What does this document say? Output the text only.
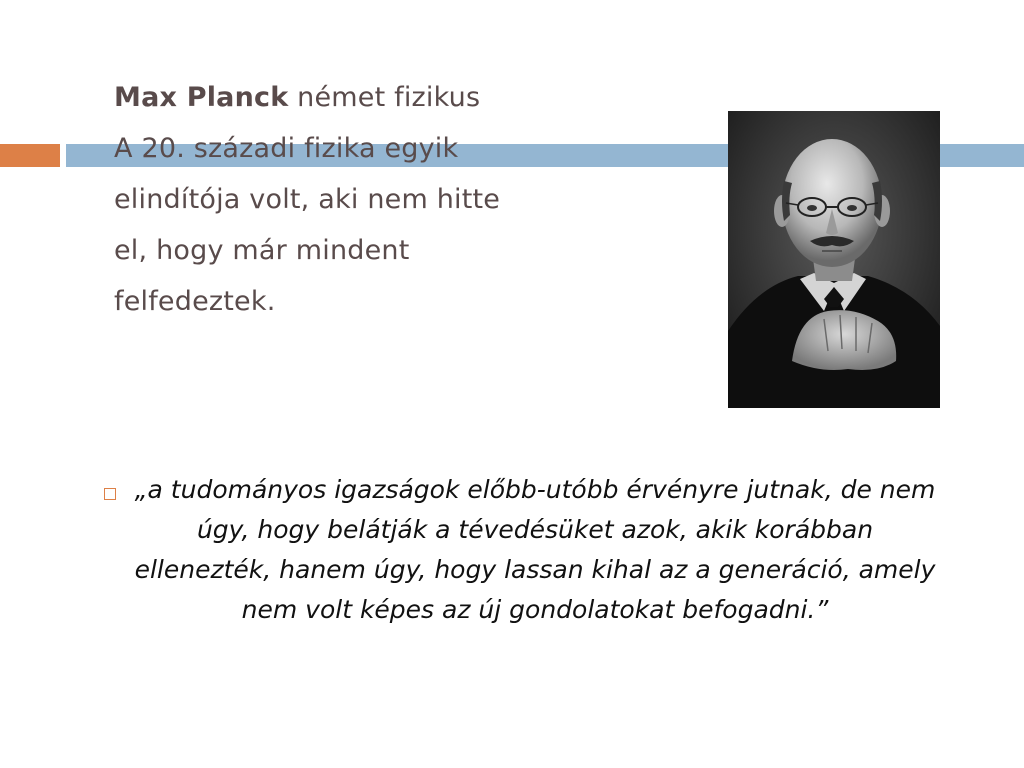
Max Planck német fizikus
A 20. századi fizika egyik
elindítója volt, aki nem hitte
el, hogy már mindent
felfedeztek.
„a tudományos igazságok előbb-utóbb érvényre jutnak, de nem úgy, hogy belátják a tévedésüket azok, akik korábban ellenezték, hanem úgy, hogy lassan kihal az a generáció, amely nem volt képes az új gondolatokat befogadni.”
